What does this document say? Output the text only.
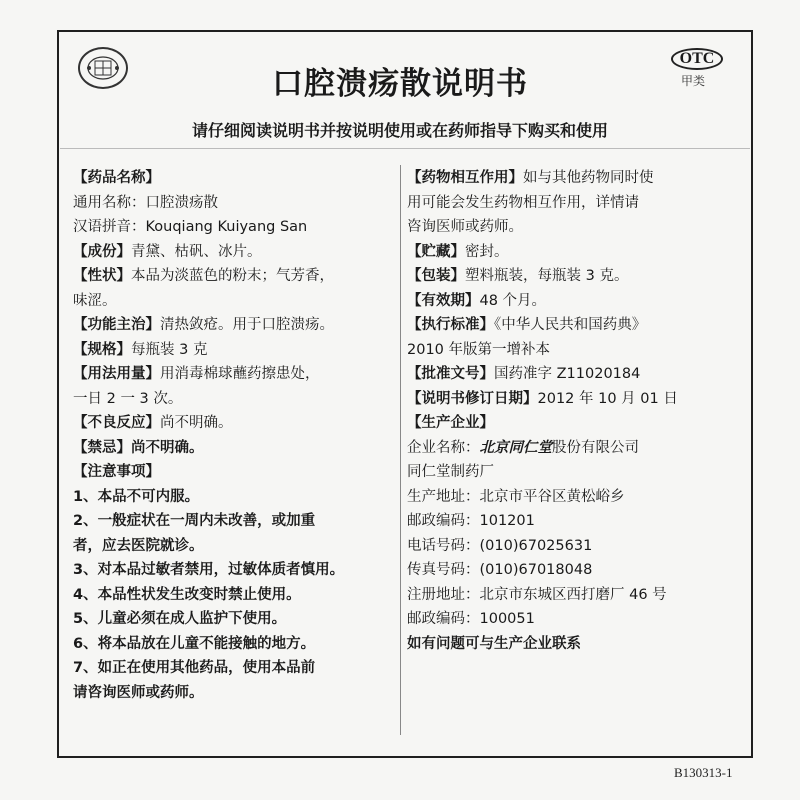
口腔溃疡散说明书
OTC
甲类
请仔细阅读说明书并按说明使用或在药师指导下购买和使用
【药品名称】
通用名称：口腔溃疡散
汉语拼音：Kouqiang Kuiyang San
【成份】青黛、枯矾、冰片。
【性状】本品为淡蓝色的粉末；气芳香，
味涩。
【功能主治】清热敛疮。用于口腔溃疡。
【规格】每瓶装 3 克
【用法用量】用消毒棉球蘸药擦患处，
一日 2 一 3 次。
【不良反应】尚不明确。
【禁忌】尚不明确。
【注意事项】
1、本品不可内服。
2、一般症状在一周内未改善，或加重
者，应去医院就诊。
3、对本品过敏者禁用，过敏体质者慎用。
4、本品性状发生改变时禁止使用。
5、儿童必须在成人监护下使用。
6、将本品放在儿童不能接触的地方。
7、如正在使用其他药品，使用本品前
请咨询医师或药师。
【药物相互作用】如与其他药物同时使
用可能会发生药物相互作用，详情请
咨询医师或药师。
【贮藏】密封。
【包装】塑料瓶装，每瓶装 3 克。
【有效期】48 个月。
【执行标准】《中华人民共和国药典》
2010 年版第一增补本
【批准文号】国药准字 Z11020184
【说明书修订日期】2012 年 10 月 01 日
【生产企业】
企业名称：北京同仁堂股份有限公司
同仁堂制药厂
生产地址：北京市平谷区黄松峪乡
邮政编码：101201
电话号码：(010)67025631
传真号码：(010)67018048
注册地址：北京市东城区西打磨厂 46 号
邮政编码：100051
如有问题可与生产企业联系
B130313-1
